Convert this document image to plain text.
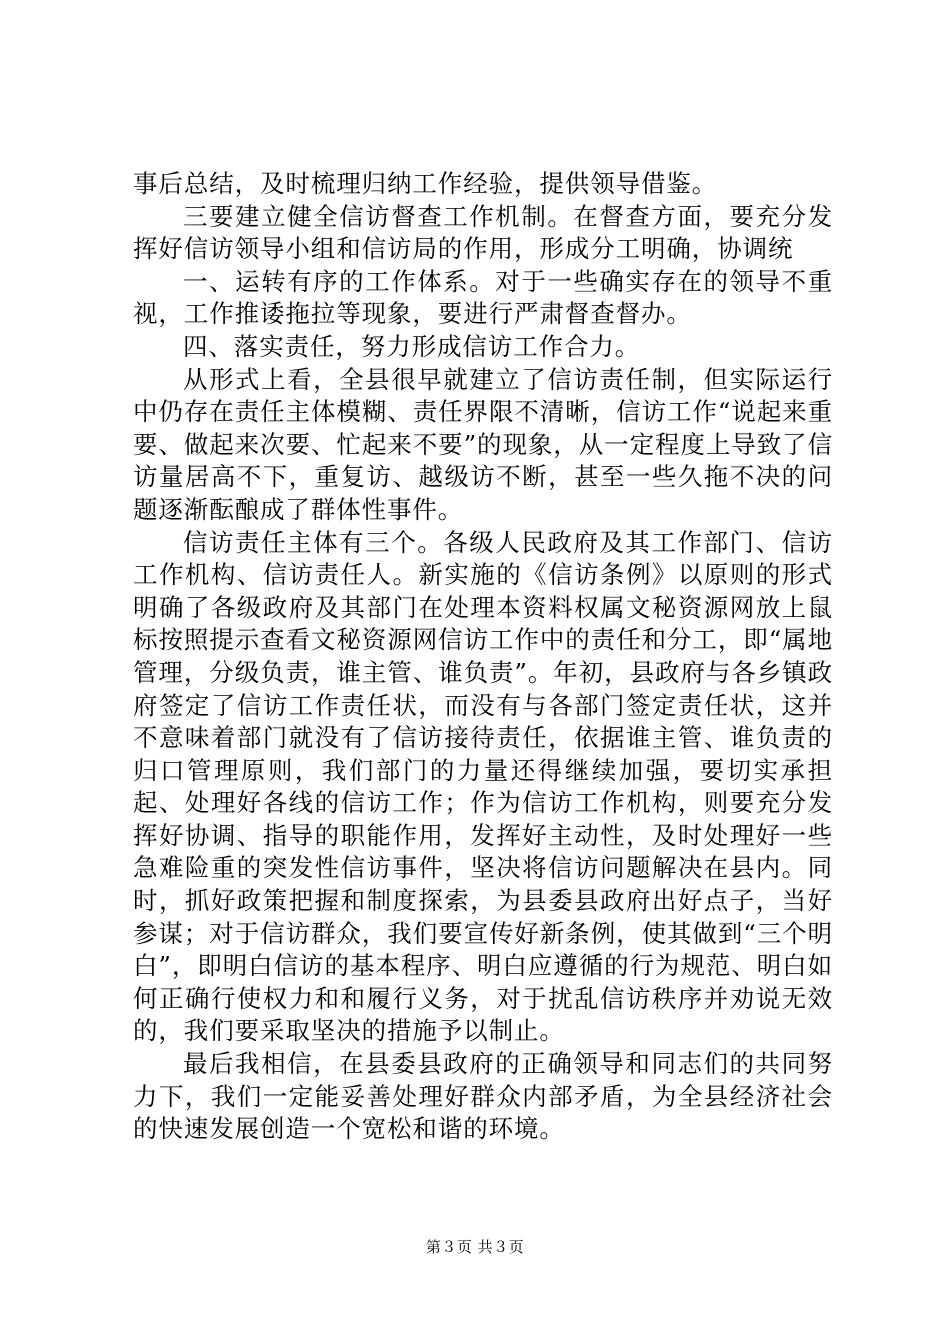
事后总结，及时梳理归纳工作经验，提供领导借鉴。

三要建立健全信访督查工作机制。在督查方面，要充分发挥好信访领导小组和信访局的作用，形成分工明确，协调统

一、运转有序的工作体系。对于一些确实存在的领导不重视，工作推诿拖拉等现象，要进行严肃督查督办。

四、落实责任，努力形成信访工作合力。

从形式上看，全县很早就建立了信访责任制，但实际运行中仍存在责任主体模糊、责任界限不清晰，信访工作“说起来重要、做起来次要、忙起来不要”的现象，从一定程度上导致了信访量居高不下，重复访、越级访不断，甚至一些久拖不决的问题逐渐酝酿成了群体性事件。

信访责任主体有三个。各级人民政府及其工作部门、信访工作机构、信访责任人。新实施的《信访条例》以原则的形式明确了各级政府及其部门在处理本资料权属文秘资源网放上鼠标按照提示查看文秘资源网信访工作中的责任和分工，即“属地管理，分级负责，谁主管、谁负责”。年初，县政府与各乡镇政府签定了信访工作责任状，而没有与各部门签定责任状，这并不意味着部门就没有了信访接待责任，依据谁主管、谁负责的归口管理原则，我们部门的力量还得继续加强，要切实承担起、处理好各线的信访工作；作为信访工作机构，则要充分发挥好协调、指导的职能作用，发挥好主动性，及时处理好一些急难险重的突发性信访事件，坚决将信访问题解决在县内。同时，抓好政策把握和制度探索，为县委县政府出好点子，当好参谋；对于信访群众，我们要宣传好新条例，使其做到“三个明白”，即明白信访的基本程序、明白应遵循的行为规范、明白如何正确行使权力和和履行义务，对于扰乱信访秩序并劝说无效的，我们要采取坚决的措施予以制止。

最后我相信，在县委县政府的正确领导和同志们的共同努力下，我们一定能妥善处理好群众内部矛盾，为全县经济社会的快速发展创造一个宽松和谐的环境。

第３页 共３页
